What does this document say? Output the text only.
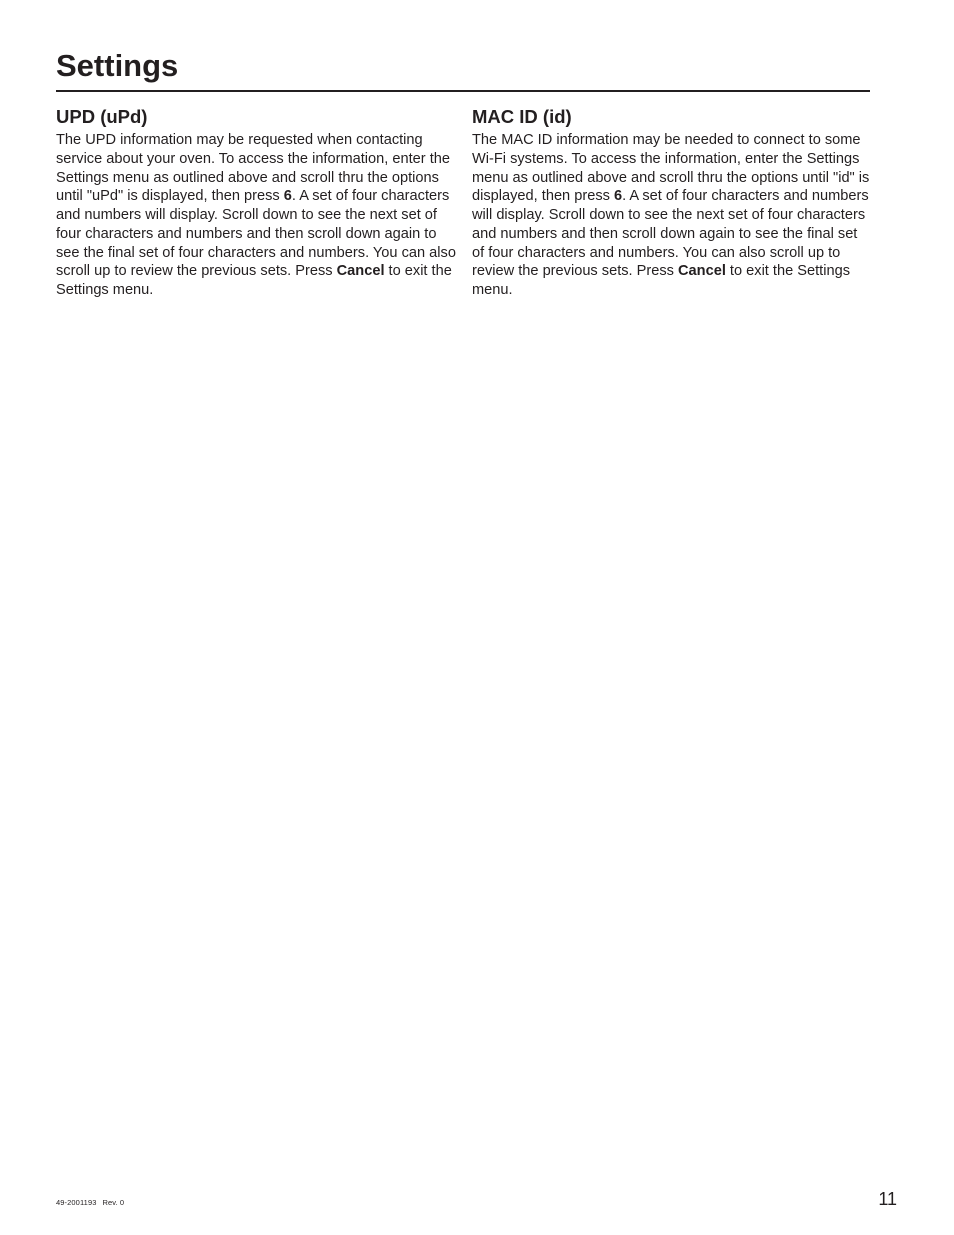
Settings
UPD (uPd)

The UPD information may be requested when contacting service about your oven. To access the information, enter the Settings menu as outlined above and scroll thru the options until "uPd" is displayed, then press 6. A set of four characters and numbers will display. Scroll down to see the next set of four characters and numbers and then scroll down again to see the final set of four characters and numbers. You can also scroll up to review the previous sets. Press Cancel to exit the Settings menu.

MAC ID (id)

The MAC ID information may be needed to connect to some Wi-Fi systems. To access the information, enter the Settings menu as outlined above and scroll thru the options until "id" is displayed, then press 6. A set of four characters and numbers will display. Scroll down to see the next set of four characters and numbers and then scroll down again to see the final set of four characters and numbers. You can also scroll up to review the previous sets. Press Cancel to exit the Settings menu.

49-2001193 Rev. 0	11
